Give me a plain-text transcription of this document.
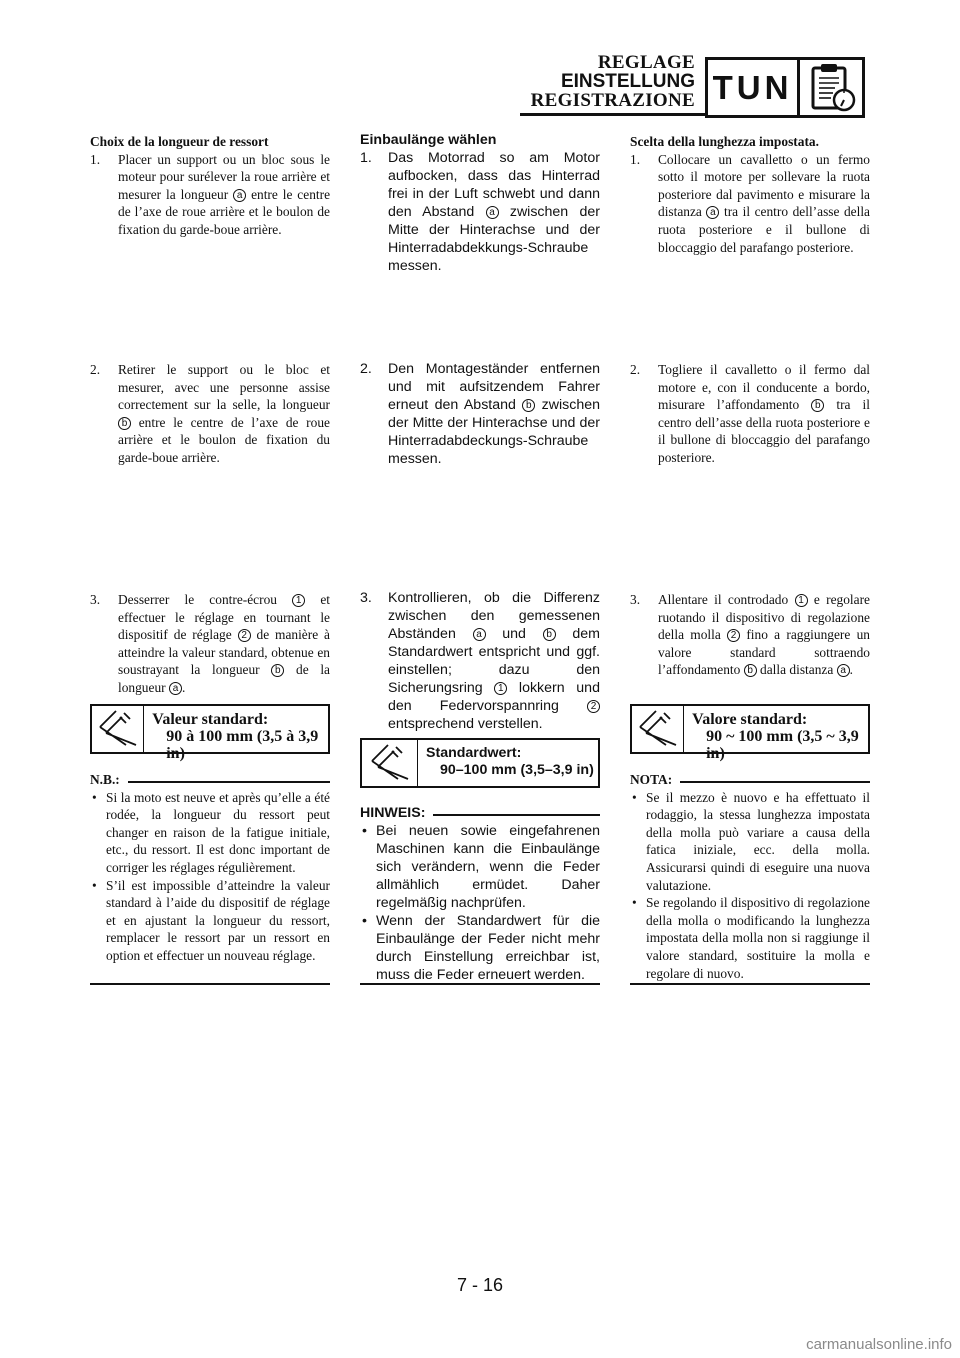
REGLAGE
EINSTELLUNG
REGISTRAZIONE TUN

Choix de la longueur de ressort

1.	Placer un support ou un bloc sous le moteur pour surélever la roue arrière et mesurer la longueur a entre le centre de l’axe de roue arrière et le boulon de fixation du garde-boue arrière.
2.	Retirer le support ou le bloc et mesurer, avec une personne assise correctement sur la selle, la longueur b entre le centre de l’axe de roue arrière et le boulon de fixation du garde-boue arrière.
3.	Desserrer le contre-écrou 1 et effectuer le réglage en tournant le dispositif de réglage 2 de manière à atteindre la valeur standard, obtenue en soustrayant la longueur b de la longueur a .
Valeur standard:
90 à 100 mm (3,5 à 3,9 in)
N.B.:
• Si la moto est neuve et après qu’elle a été rodée, la longueur du ressort peut changer en raison de la fatigue initiale, etc., du ressort. Il est donc important de corriger les réglages régulièrement.
• S’il est impossible d’atteindre la valeur standard à l’aide du dispositif de réglage et en ajustant la longueur du ressort, remplacer le ressort par un ressort en option et effectuer un nouveau réglage.

Einbaulänge wählen

1.	Das Motorrad so am Motor aufbocken, dass das Hinterrad frei in der Luft schwebt und dann den Abstand a zwischen der Mitte der Hinterachse und der Hinterradabdekkungs-Schraube messen.
2.	Den Montageständer entfernen und mit aufsitzendem Fahrer erneut den Abstand b zwischen der Mitte der Hinterachse und der Hinterradabdeckungs-Schraube messen.
3.	Kontrollieren, ob die Differenz zwischen den gemessenen Abständen a und b dem Standardwert entspricht und ggf. einstellen; dazu den Sicherungsring 1 lokkern und den Federvorspannring	2 entsprechend verstellen.
Standardwert:
90–100 mm (3,5–3,9 in)
HINWEIS:
• Bei neuen sowie eingefahrenen Maschinen kann die Einbaulänge sich verändern, wenn die Feder allmählich ermüdet. Daher regelmäßig nachprüfen.
• Wenn der Standardwert für die Einbaulänge der Feder nicht mehr durch Einstellung erreichbar ist, muss die Feder erneuert werden.

Scelta della lunghezza impostata.

1.	Collocare un cavalletto o un fermo sotto il motore per sollevare la ruota posteriore dal pavimento e misurare la distanza a tra il centro dell’asse della ruota posteriore e il bullone di bloccaggio del parafango posteriore.
2.	Togliere il cavalletto o il fermo dal motore e, con il conducente a bordo, misurare l’affondamento b tra il centro dell’asse della ruota posteriore e il bullone di bloccaggio del parafango posteriore.
3.	Allentare il controdado 1 e regolare ruotando il dispositivo di regolazione della molla 2 fino a raggiungere un valore standard sottraendo l’affondamento b dalla distanza a .
Valore standard:
90 ~ 100 mm (3,5 ~ 3,9 in)
NOTA:
• Se il mezzo è nuovo e ha effettuato il rodaggio, la stessa lunghezza impostata della molla può variare a causa della fatica iniziale, ecc. della molla. Assicurarsi quindi di eseguire una nuova valutazione.
• Se regolando il dispositivo di regolazione della molla o modificando la lunghezza impostata della molla non si raggiunge il valore standard, sostituire la molla e regolare di nuovo.
7 - 16
carmanualsonline.info
